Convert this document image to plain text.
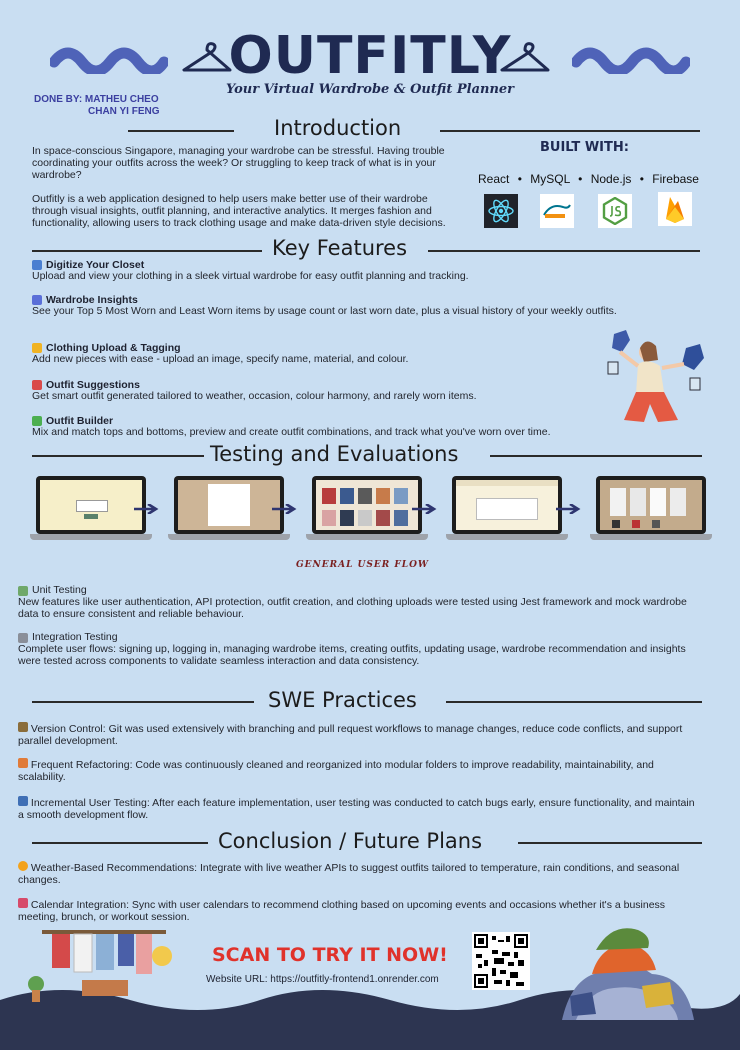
OUTFITLY
Your Virtual Wardrobe & Outfit Planner
DONE BY: MATHEU CHEO
CHAN YI FENG
Introduction
In space-conscious Singapore, managing your wardrobe can be stressful. Having trouble coordinating your outfits across the week? Or struggling to keep track of what is in your wardrobe?
Outfitly is a web application designed to help users make better use of their wardrobe through visual insights, outfit planning, and interactive analytics. It merges fashion and functionality, allowing users to track clothing usage and make data-driven style decisions.
BUILT WITH:
React • MySQL • Node.js • Firebase
Key Features
Digitize Your Closet
Upload and view your clothing in a sleek virtual wardrobe for easy outfit planning and tracking.
Wardrobe Insights
See your Top 5 Most Worn and Least Worn items by usage count or last worn date, plus a visual history of your weekly outfits.
Clothing Upload & Tagging
Add new pieces with ease - upload an image, specify name, material, and colour.
Outfit Suggestions
Get smart outfit generated tailored to weather, occasion, colour harmony, and rarely worn items.
Outfit Builder
Mix and match tops and bottoms, preview and create outfit combinations, and track what you've worn over time.
Testing and Evaluations
GENERAL USER FLOW
Unit Testing
New features like user authentication, API protection, outfit creation, and clothing uploads were tested using Jest framework and mock wardrobe data to ensure consistent and reliable behaviour.
Integration Testing
Complete user flows: signing up, logging in, managing wardrobe items, creating outfits, updating usage, wardrobe recommendation and insights were tested across components to validate seamless interaction and data consistency.
SWE Practices
Version Control: Git was used extensively with branching and pull request workflows to manage changes, reduce code conflicts, and support parallel development.
Frequent Refactoring: Code was continuously cleaned and reorganized into modular folders to improve readability, maintainability, and scalability.
Incremental User Testing: After each feature implementation, user testing was conducted to catch bugs early, ensure functionality, and maintain a smooth development flow.
Conclusion / Future Plans
Weather-Based Recommendations: Integrate with live weather APIs to suggest outfits tailored to temperature, rain conditions, and seasonal changes.
Calendar Integration: Sync with user calendars to recommend clothing based on upcoming events and occasions whether it's a business meeting, brunch, or workout session.
SCAN TO TRY IT NOW!
Website URL: https://outfitly-frontend1.onrender.com
